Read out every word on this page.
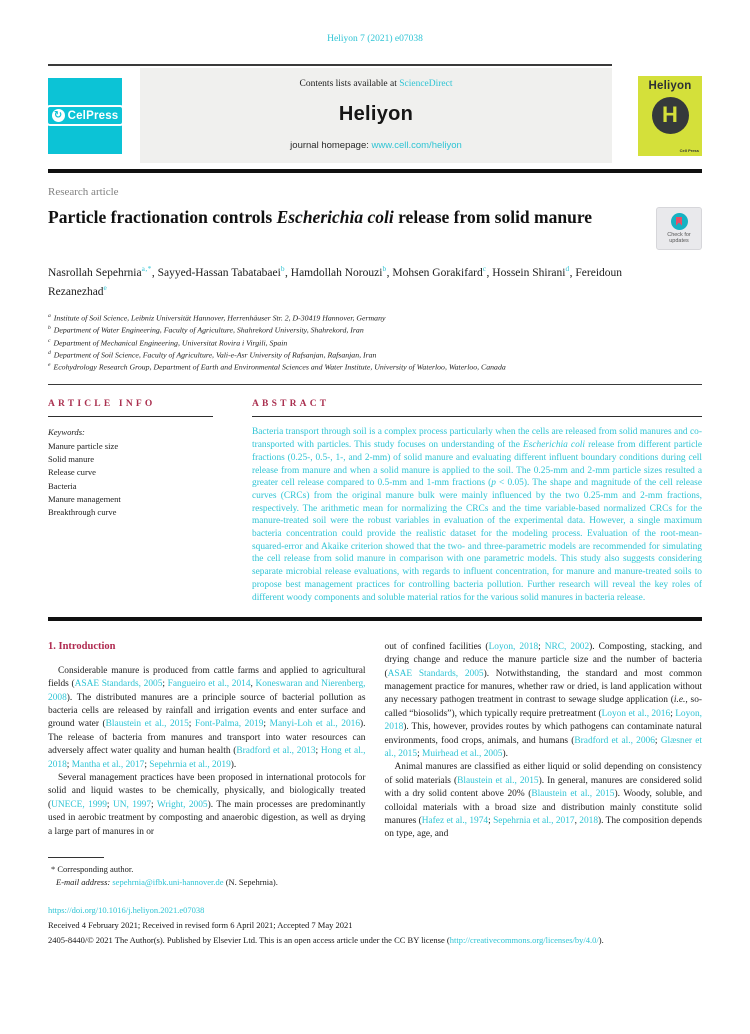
Heliyon 7 (2021) e07038
↻ CelPress
Contents lists available at ScienceDirect
Heliyon
journal homepage: www.cell.com/heliyon
Heliyon
H
Cell Press
Research article
Particle fractionation controls Escherichia coli release from solid manure
Check for updates
Nasrollah Sepehrnia$^{a,*}$, Sayyed-Hassan Tabatabaei$^b$, Hamdollah Norouzi$^b$, Mohsen Gorakifard$^c$, Hossein Shirani$^d$, Fereidoun Rezanezhad$^e$
$^a$ Institute of Soil Science, Leibniz Universität Hannover, Herrenhäuser Str. 2, D-30419 Hannover, Germany
$^b$ Department of Water Engineering, Faculty of Agriculture, Shahrekord University, Shahrekord, Iran
$^c$ Department of Mechanical Engineering, Universitat Rovira i Virgili, Spain
$^d$ Department of Soil Science, Faculty of Agriculture, Vali-e-Asr University of Rafsanjan, Rafsanjan, Iran
$^e$ Ecohydrology Research Group, Department of Earth and Environmental Sciences and Water Institute, University of Waterloo, Waterloo, Canada
ARTICLE INFO
Keywords:
Manure particle size
Solid manure
Release curve
Bacteria
Manure management
Breakthrough curve
ABSTRACT
Bacteria transport through soil is a complex process particularly when the cells are released from solid manures and co-transported with particles. This study focuses on understanding of the Escherichia coli release from different particle fractions (0.25-, 0.5-, 1-, and 2-mm) of solid manure and evaluating different influent boundary conditions during cell release from manure and when a solid manure is applied to the soil. The 0.25-mm and 2-mm particle sizes resulted a greater cell release compared to 0.5-mm and 1-mm fractions (p < 0.05). The shape and magnitude of the cell release curves (CRCs) from the original manure bulk were mainly influenced by the two 0.25-mm and 2-mm fractions, respectively. The arithmetic mean for normalizing the CRCs and the time variable-based normalized CRCs for the manure-treated soil were the robust variables in evaluation of the experimental data. However, a single maximum bacteria concentration could provide the realistic dataset for the modeling process. Evaluation of the root-mean-squared-error and Akaike criterion showed that the two- and three-parametric models are recommended for simulating the cell release from solid manure in comparison with one parametric models. This study also suggests considering separate microbial release evaluations, with regards to influent concentration, for manure and manure-treated soils to propose best management practices for controlling bacteria pollution. Further research will reveal the key roles of different woody components and soluble material ratios for the various solid manures in bacteria release.
1. Introduction

Considerable manure is produced from cattle farms and applied to agricultural fields (ASAE Standards, 2005; Fangueiro et al., 2014, Koneswaran and Nierenberg, 2008). The distributed manures are a principle source of bacterial pollution as bacteria cells are released by rainfall and irrigation events and enter surface and ground water (Blaustein et al., 2015; Font-Palma, 2019; Manyi-Loh et al., 2016). The release of bacteria from manures and transport into water resources can adversely affect water quality and human health (Bradford et al., 2013; Hong et al., 2018; Mantha et al., 2017; Sepehrnia et al., 2019).

Several management practices have been proposed in international protocols for solid and liquid wastes to be chemically, physically, and biologically treated (UNECE, 1999; UN, 1997; Wright, 2005). The main processes are predominantly used in aerobic treatment by composting and anaerobic digestion, as well as drying a large part of manures in or

* Corresponding author.
E-mail address: sepehrnia@ifbk.uni-hannover.de (N. Sepehrnia).

out of confined facilities (Loyon, 2018; NRC, 2002). Composting, stacking, and drying change and reduce the manure particle size and the number of bacteria (ASAE Standards, 2005). Notwithstanding, the standard and most common management practice for manures, whether raw or dried, is land application without any necessary pathogen treatment in contrast to sewage sludge application (i.e., so-called “biosolids”), which typically require pretreatment (Loyon et al., 2016; Loyon, 2018). This, however, provides routes by which pathogens can contaminate natural environments, food crops, animals, and humans (Bradford et al., 2006; Glæsner et al., 2015; Muirhead et al., 2005).

Animal manures are classified as either liquid or solid depending on consistency of solid materials (Blaustein et al., 2015). In general, manures are considered solid with a dry solid content above 20% (Blaustein et al., 2015). Woody, soluble, and colloidal materials with a broad size and distribution mainly constitute solid manures (Hafez et al., 1974; Sepehrnia et al., 2017, 2018). The composition depends on type, age, and

https://doi.org/10.1016/j.heliyon.2021.e07038
Received 4 February 2021; Received in revised form 6 April 2021; Accepted 7 May 2021
2405-8440/© 2021 The Author(s). Published by Elsevier Ltd. This is an open access article under the CC BY license (http://creativecommons.org/licenses/by/4.0/).
